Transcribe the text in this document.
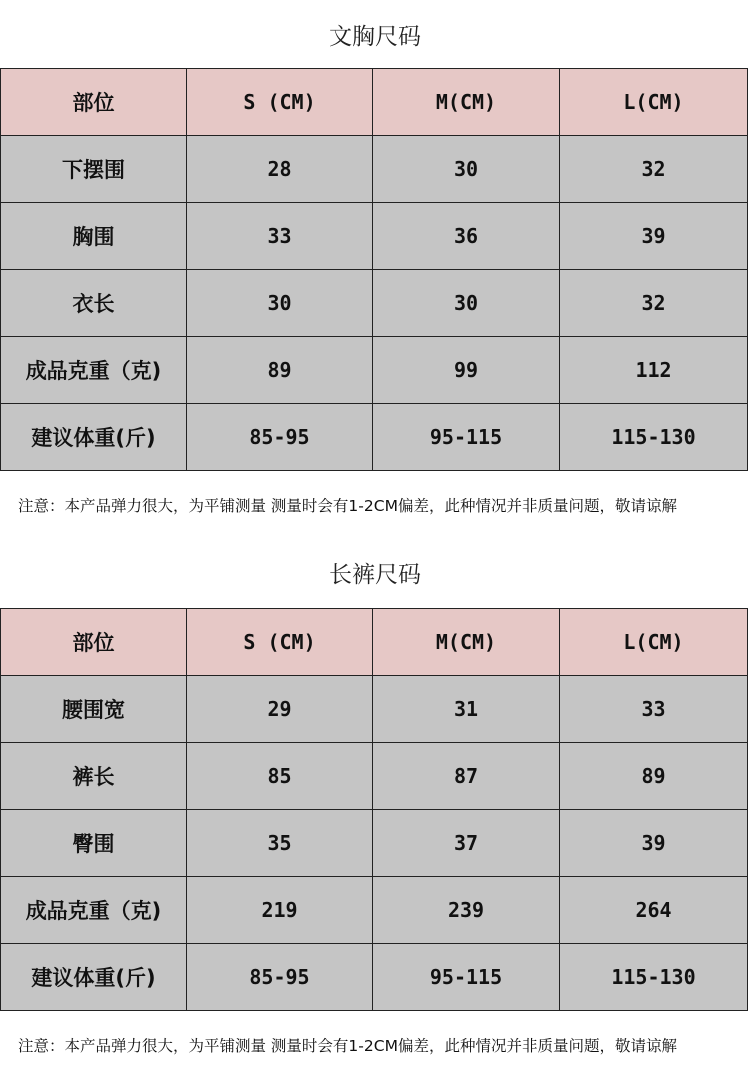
文胸尺码
部位	S (CM)	M(CM)	L(CM)
下摆围	28	30	32
胸围	33	36	39
衣长	30	30	32
成品克重（克)	89	99	112
建议体重(斤)	85-95	95-115	115-130
注意：本产品弹力很大，为平铺测量 测量时会有1-2CM偏差，此种情况并非质量问题，敬请谅解
长裤尺码
部位	S (CM)	M(CM)	L(CM)
腰围宽	29	31	33
裤长	85	87	89
臀围	35	37	39
成品克重（克)	219	239	264
建议体重(斤)	85-95	95-115	115-130
注意：本产品弹力很大，为平铺测量 测量时会有1-2CM偏差，此种情况并非质量问题，敬请谅解
